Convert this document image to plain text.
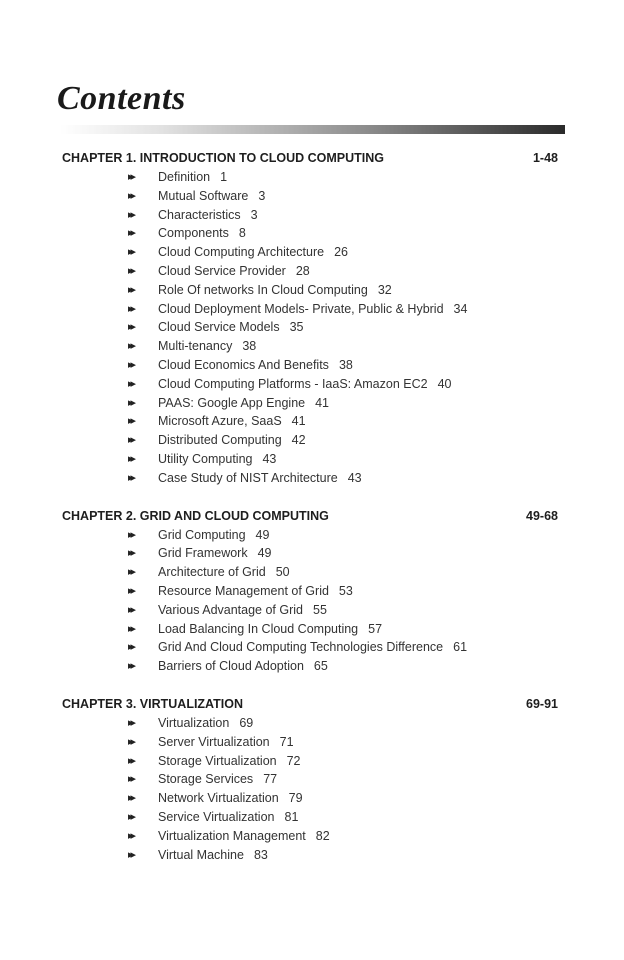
Contents
CHAPTER 1. INTRODUCTION TO CLOUD COMPUTING	1-48
▸▸ Definition 1
▸▸ Mutual Software 3
▸▸ Characteristics 3
▸▸ Components 8
▸▸ Cloud Computing Architecture 26
▸▸ Cloud Service Provider 28
▸▸ Role Of networks In Cloud Computing 32
▸▸ Cloud Deployment Models- Private, Public & Hybrid 34
▸▸ Cloud Service Models 35
▸▸ Multi-tenancy 38
▸▸ Cloud Economics And Benefits 38
▸▸ Cloud Computing Platforms - IaaS: Amazon EC2 40
▸▸ PAAS: Google App Engine 41
▸▸ Microsoft Azure, SaaS 41
▸▸ Distributed Computing 42
▸▸ Utility Computing 43
▸▸ Case Study of NIST Architecture 43
CHAPTER 2. GRID AND CLOUD COMPUTING	49-68
▸▸ Grid Computing 49
▸▸ Grid Framework 49
▸▸ Architecture of Grid 50
▸▸ Resource Management of Grid 53
▸▸ Various Advantage of Grid 55
▸▸ Load Balancing In Cloud Computing 57
▸▸ Grid And Cloud Computing Technologies Difference 61
▸▸ Barriers of Cloud Adoption 65
CHAPTER 3. VIRTUALIZATION	69-91
▸▸ Virtualization 69
▸▸ Server Virtualization 71
▸▸ Storage Virtualization 72
▸▸ Storage Services 77
▸▸ Network Virtualization 79
▸▸ Service Virtualization 81
▸▸ Virtualization Management 82
▸▸ Virtual Machine 83
